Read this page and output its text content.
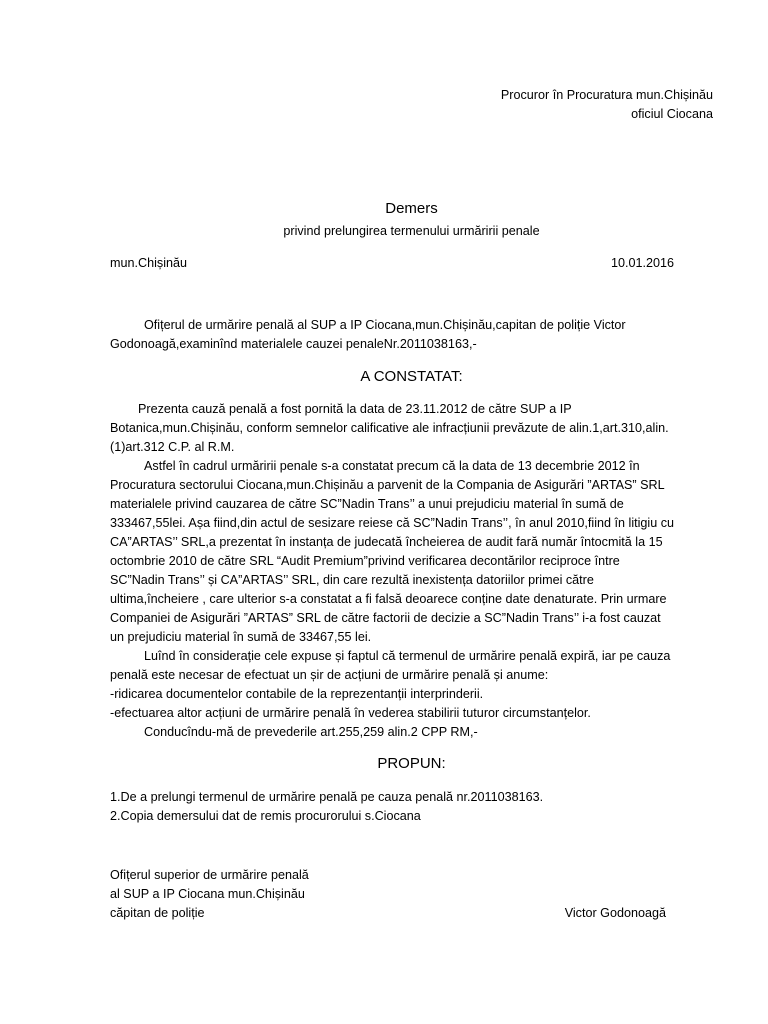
Procuror în Procuratura mun.Chișinău

oficiul Ciocana

Demers
privind prelungirea termenului urmăririi penale
mun.Chișinău	10.01.2016

Ofițerul de urmărire penală al SUP a IP Ciocana,mun.Chișinău,capitan de poliție Victor Godonoagă,examinînd materialele cauzei penaleNr.2011038163,-

A CONSTATAT:

Prezenta cauză penală a fost pornită la data de 23.11.2012 de către SUP a IP Botanica,mun.Chișinău, conform semnelor calificative ale infracțiunii prevăzute de alin.1,art.310,alin.(1)art.312 C.P. al R.M.

Astfel în cadrul urmăririi penale s-a constatat precum că la data de 13 decembrie 2012 în Procuratura sectorului Ciocana,mun.Chișinău a parvenit de la Compania de Asigurări ”ARTAS” SRL materialele privind cauzarea de către SC”Nadin Trans’’ a unui prejudiciu material în sumă de 333467,55lei. Așa fiind,din actul de sesizare reiese că SC”Nadin Trans’’, în anul 2010,fiind în litigiu cu CA”ARTAS’’ SRL,a prezentat în instanța de judecată încheierea de audit fară număr întocmită la 15 octombrie 2010 de către SRL “Audit Premium”privind verificarea decontărilor reciproce între SC”Nadin Trans’’ și CA”ARTAS’’ SRL, din care rezultă inexistența datoriilor primei către ultima,încheiere , care ulterior s-a constatat a fi falsă deoarece conține date denaturate. Prin urmare Companiei de Asigurări ”ARTAS” SRL de către factorii de decizie a SC”Nadin Trans’’ i-a fost cauzat un prejudiciu material în sumă de 33467,55 lei.

Luînd în considerație cele expuse și faptul că termenul de urmărire penală expiră, iar pe cauza penală este necesar de efectuat un șir de acțiuni de urmărire penală și anume:

-ridicarea documentelor contabile de la reprezentanții interprinderii.

-efectuarea altor acțiuni de urmărire penală în vederea stabilirii tuturor circumstanțelor.

Conducîndu-mă de prevederile art.255,259 alin.2 CPP RM,-

PROPUN:

1.De a prelungi termenul de urmărire penală pe cauza penală nr.2011038163.

2.Copia demersului dat de remis procurorului s.Ciocana

Ofițerul superior de urmărire penală

al SUP a IP Ciocana mun.Chișinău

căpitan de poliție	Victor Godonoagă
